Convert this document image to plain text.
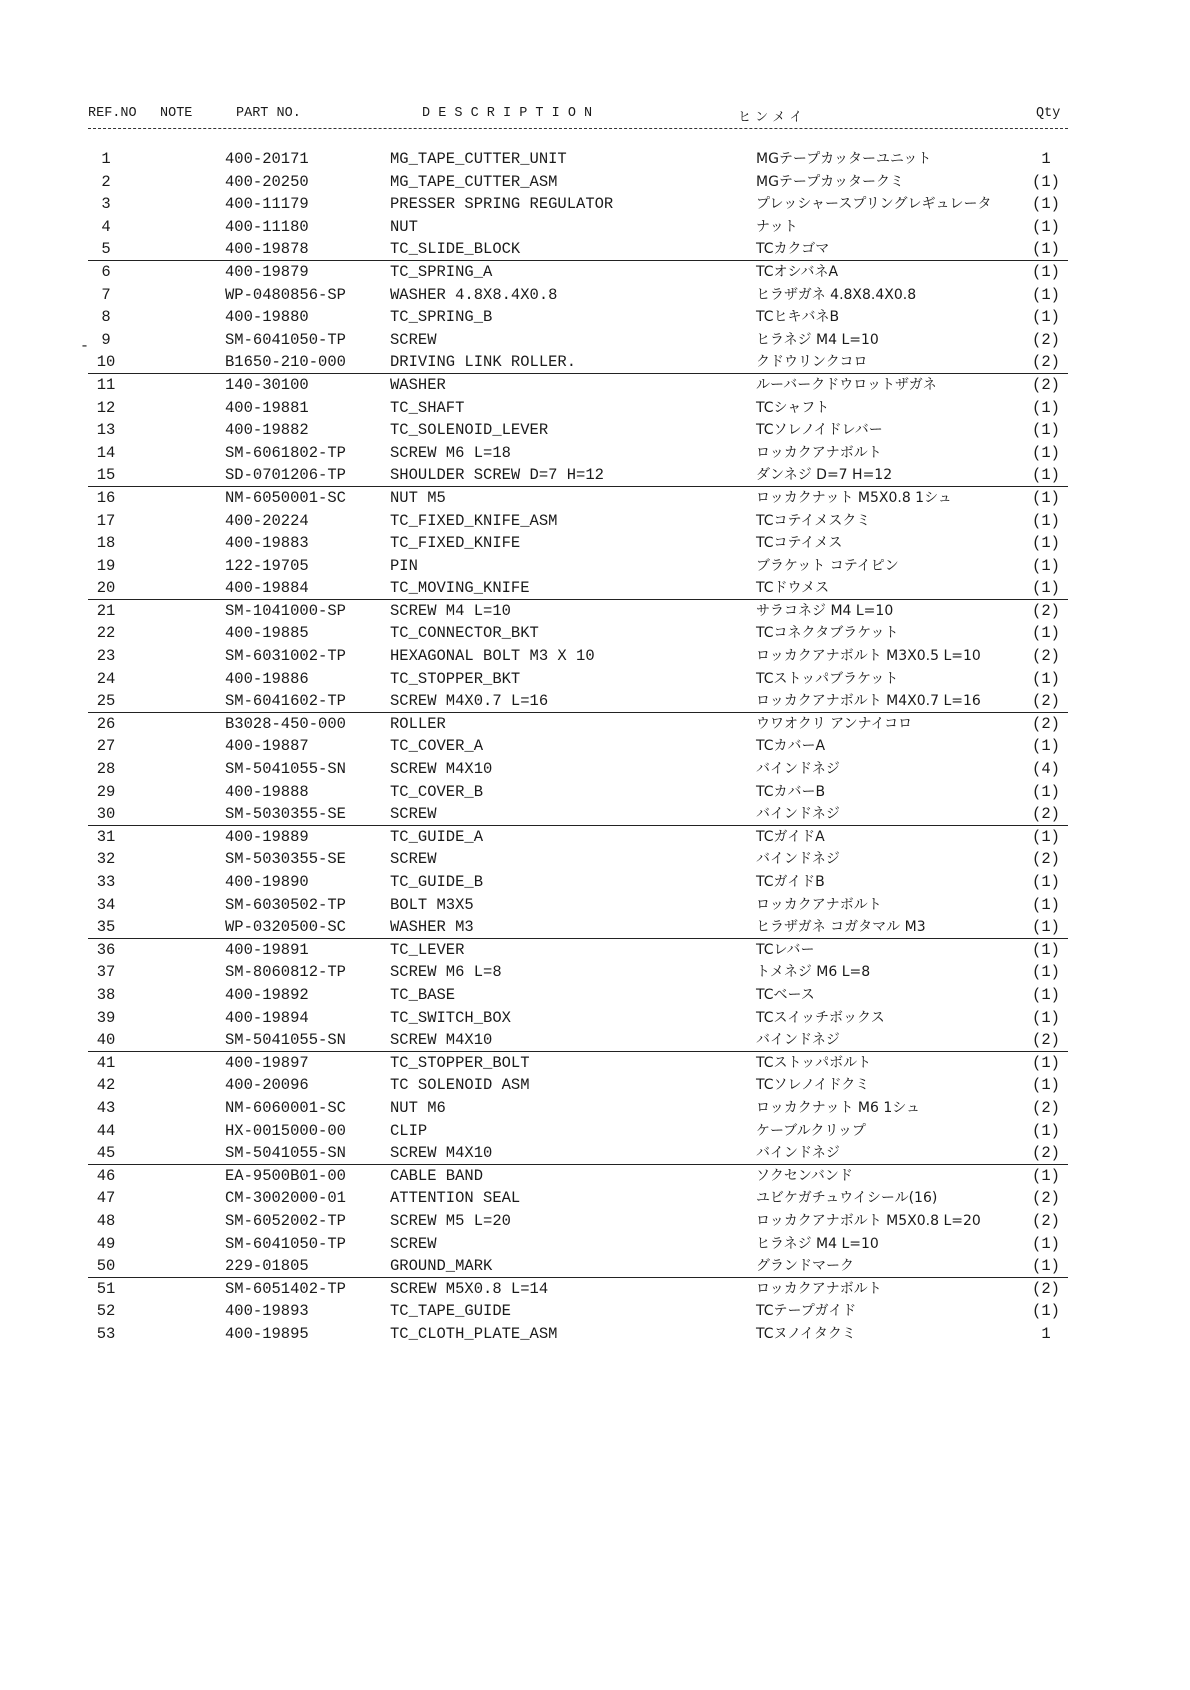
REF.NO NOTE	PART NO.	D E S C R I P T I O N	ヒ ン メ イ	Qty
-
1	400-20171	MG_TAPE_CUTTER_UNIT	MGテープカッターユニット	1
2	400-20250	MG_TAPE_CUTTER_ASM	MGテープカッタークミ	(1)
3	400-11179	PRESSER SPRING REGULATOR	プレッシャースプリングレギュレータ	(1)
4	400-11180	NUT	ナット	(1)
5	400-19878	TC_SLIDE_BLOCK	TCカクゴマ	(1)
6	400-19879	TC_SPRING_A	TCオシバネA	(1)
7	WP-0480856-SP	WASHER 4.8X8.4X0.8	ヒラザガネ 4.8X8.4X0.8	(1)
8	400-19880	TC_SPRING_B	TCヒキバネB	(1)
9	SM-6041050-TP	SCREW	ヒラネジ M4 L=10	(2)
10	B1650-210-000	DRIVING LINK ROLLER.	クドウリンクコロ	(2)
11	140-30100	WASHER	ルーバークドウロットザガネ	(2)
12	400-19881	TC_SHAFT	TCシャフト	(1)
13	400-19882	TC_SOLENOID_LEVER	TCソレノイドレバー	(1)
14	SM-6061802-TP	SCREW M6 L=18	ロッカクアナボルト	(1)
15	SD-0701206-TP	SHOULDER SCREW D=7 H=12	ダンネジ D=7 H=12	(1)
16	NM-6050001-SC	NUT M5	ロッカクナット M5X0.8 1シュ	(1)
17	400-20224	TC_FIXED_KNIFE_ASM	TCコテイメスクミ	(1)
18	400-19883	TC_FIXED_KNIFE	TCコテイメス	(1)
19	122-19705	PIN	ブラケット コテイピン	(1)
20	400-19884	TC_MOVING_KNIFE	TCドウメス	(1)
21	SM-1041000-SP	SCREW M4 L=10	サラコネジ M4 L=10	(2)
22	400-19885	TC_CONNECTOR_BKT	TCコネクタブラケット	(1)
23	SM-6031002-TP	HEXAGONAL BOLT M3 X 10	ロッカクアナボルト M3X0.5 L=10	(2)
24	400-19886	TC_STOPPER_BKT	TCストッパブラケット	(1)
25	SM-6041602-TP	SCREW M4X0.7 L=16	ロッカクアナボルト M4X0.7 L=16	(2)
26	B3028-450-000	ROLLER	ウワオクリ アンナイコロ	(2)
27	400-19887	TC_COVER_A	TCカバーA	(1)
28	SM-5041055-SN	SCREW M4X10	バインドネジ	(4)
29	400-19888	TC_COVER_B	TCカバーB	(1)
30	SM-5030355-SE	SCREW	バインドネジ	(2)
31	400-19889	TC_GUIDE_A	TCガイドA	(1)
32	SM-5030355-SE	SCREW	バインドネジ	(2)
33	400-19890	TC_GUIDE_B	TCガイドB	(1)
34	SM-6030502-TP	BOLT M3X5	ロッカクアナボルト	(1)
35	WP-0320500-SC	WASHER M3	ヒラザガネ コガタマル M3	(1)
36	400-19891	TC_LEVER	TCレバー	(1)
37	SM-8060812-TP	SCREW M6 L=8	トメネジ M6 L=8	(1)
38	400-19892	TC_BASE	TCベース	(1)
39	400-19894	TC_SWITCH_BOX	TCスイッチボックス	(1)
40	SM-5041055-SN	SCREW M4X10	バインドネジ	(2)
41	400-19897	TC_STOPPER_BOLT	TCストッパボルト	(1)
42	400-20096	TC SOLENOID ASM	TCソレノイドクミ	(1)
43	NM-6060001-SC	NUT M6	ロッカクナット M6 1シュ	(2)
44	HX-0015000-00	CLIP	ケーブルクリップ	(1)
45	SM-5041055-SN	SCREW M4X10	バインドネジ	(2)
46	EA-9500B01-00	CABLE BAND	ソクセンバンド	(1)
47	CM-3002000-01	ATTENTION SEAL	ユビケガチュウイシール(16)	(2)
48	SM-6052002-TP	SCREW M5 L=20	ロッカクアナボルト M5X0.8 L=20	(2)
49	SM-6041050-TP	SCREW	ヒラネジ M4 L=10	(1)
50	229-01805	GROUND_MARK	グランドマーク	(1)
51	SM-6051402-TP	SCREW M5X0.8 L=14	ロッカクアナボルト	(2)
52	400-19893	TC_TAPE_GUIDE	TCテープガイド	(1)
53	400-19895	TC_CLOTH_PLATE_ASM	TCヌノイタクミ	1
